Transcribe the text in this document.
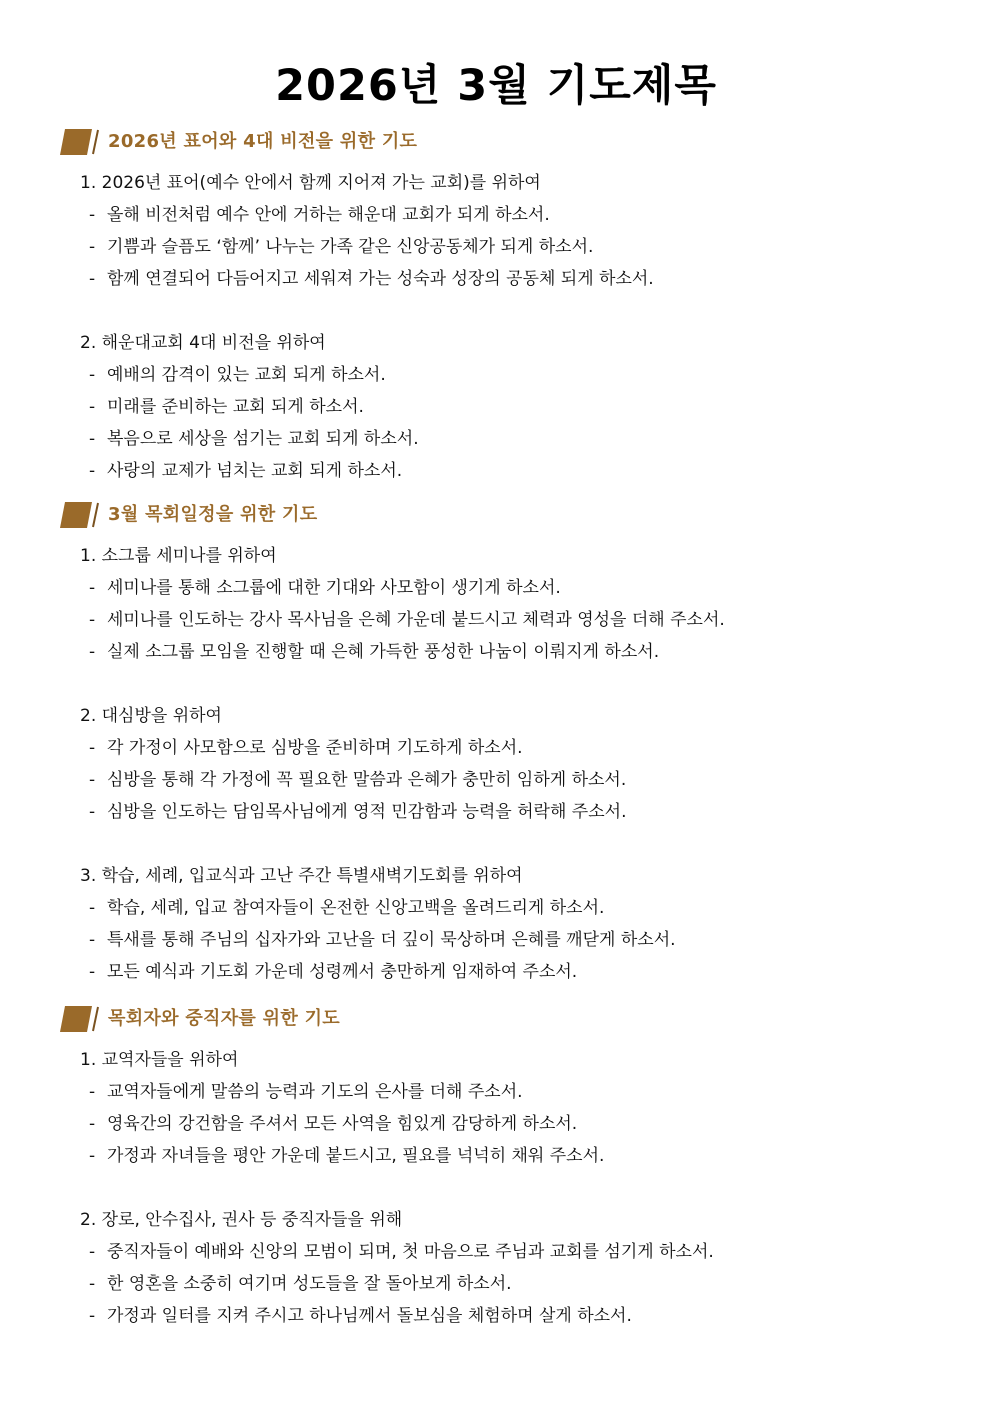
2026년 3월 기도제목
2026년 표어와 4대 비전을 위한 기도
1. 2026년 표어(예수 안에서 함께 지어져 가는 교회)를 위하여
- 올해 비전처럼 예수 안에 거하는 해운대 교회가 되게 하소서.
- 기쁨과 슬픔도 ‘함께’ 나누는 가족 같은 신앙공동체가 되게 하소서.
- 함께 연결되어 다듬어지고 세워져 가는 성숙과 성장의 공동체 되게 하소서.
2. 해운대교회 4대 비전을 위하여
- 예배의 감격이 있는 교회 되게 하소서.
- 미래를 준비하는 교회 되게 하소서.
- 복음으로 세상을 섬기는 교회 되게 하소서.
- 사랑의 교제가 넘치는 교회 되게 하소서.
3월 목회일정을 위한 기도
1. 소그룹 세미나를 위하여
- 세미나를 통해 소그룹에 대한 기대와 사모함이 생기게 하소서.
- 세미나를 인도하는 강사 목사님을 은혜 가운데 붙드시고 체력과 영성을 더해 주소서.
- 실제 소그룹 모임을 진행할 때 은혜 가득한 풍성한 나눔이 이뤄지게 하소서.
2. 대심방을 위하여
- 각 가정이 사모함으로 심방을 준비하며 기도하게 하소서.
- 심방을 통해 각 가정에 꼭 필요한 말씀과 은혜가 충만히 임하게 하소서.
- 심방을 인도하는 담임목사님에게 영적 민감함과 능력을 허락해 주소서.
3. 학습, 세례, 입교식과 고난 주간 특별새벽기도회를 위하여
- 학습, 세례, 입교 참여자들이 온전한 신앙고백을 올려드리게 하소서.
- 특새를 통해 주님의 십자가와 고난을 더 깊이 묵상하며 은혜를 깨닫게 하소서.
- 모든 예식과 기도회 가운데 성령께서 충만하게 임재하여 주소서.
목회자와 중직자를 위한 기도
1. 교역자들을 위하여
- 교역자들에게 말씀의 능력과 기도의 은사를 더해 주소서.
- 영육간의 강건함을 주셔서 모든 사역을 힘있게 감당하게 하소서.
- 가정과 자녀들을 평안 가운데 붙드시고, 필요를 넉넉히 채워 주소서.
2. 장로, 안수집사, 권사 등 중직자들을 위해
- 중직자들이 예배와 신앙의 모범이 되며, 첫 마음으로 주님과 교회를 섬기게 하소서.
- 한 영혼을 소중히 여기며 성도들을 잘 돌아보게 하소서.
- 가정과 일터를 지켜 주시고 하나님께서 돌보심을 체험하며 살게 하소서.
